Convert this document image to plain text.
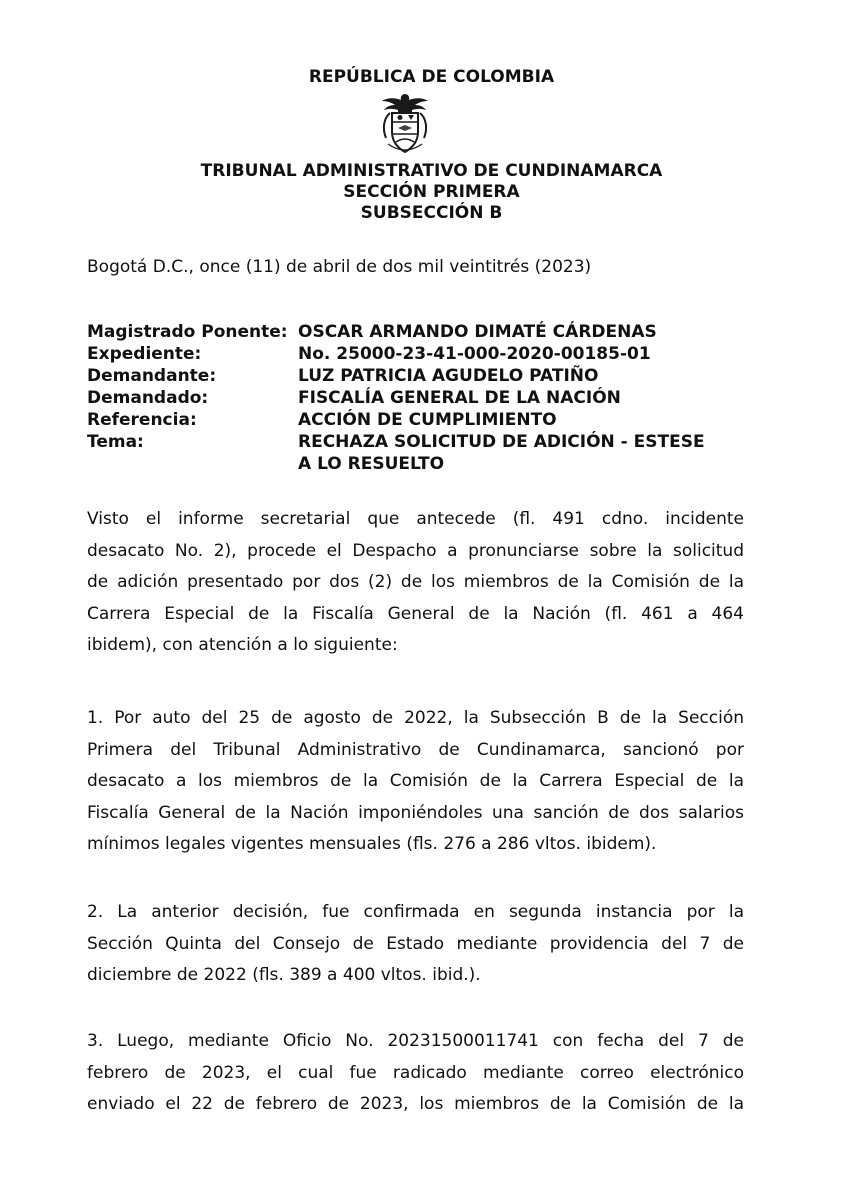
REPÚBLICA DE COLOMBIA
TRIBUNAL ADMINISTRATIVO DE CUNDINAMARCA
SECCIÓN PRIMERA
SUBSECCIÓN B
Bogotá D.C., once (11) de abril de dos mil veintitrés (2023)
Magistrado Ponente: OSCAR ARMANDO DIMATÉ CÁRDENAS
Expediente:	No. 25000-23-41-000-2020-00185-01
Demandante:	LUZ PATRICIA AGUDELO PATIÑO
Demandado:	FISCALÍA GENERAL DE LA NACIÓN
Referencia:	ACCIÓN DE CUMPLIMIENTO
Tema:	RECHAZA SOLICITUD DE ADICIÓN - ESTESE
A LO RESUELTO
Visto el informe secretarial que antecede (fl. 491 cdno. incidente
desacato No. 2), procede el Despacho a pronunciarse sobre la solicitud
de adición presentado por dos (2) de los miembros de la Comisión de la
Carrera Especial de la Fiscalía General de la Nación (fl. 461 a 464
ibidem), con atención a lo siguiente:
1. Por auto del 25 de agosto de 2022, la Subsección B de la Sección
Primera del Tribunal Administrativo de Cundinamarca, sancionó por
desacato a los miembros de la Comisión de la Carrera Especial de la
Fiscalía General de la Nación imponiéndoles una sanción de dos salarios
mínimos legales vigentes mensuales (fls. 276 a 286 vltos. ibidem).
2. La anterior decisión, fue confirmada en segunda instancia por la
Sección Quinta del Consejo de Estado mediante providencia del 7 de
diciembre de 2022 (fls. 389 a 400 vltos. ibid.).
3. Luego, mediante Oficio No. 20231500011741 con fecha del 7 de
febrero de 2023, el cual fue radicado mediante correo electrónico
enviado el 22 de febrero de 2023, los miembros de la Comisión de la
